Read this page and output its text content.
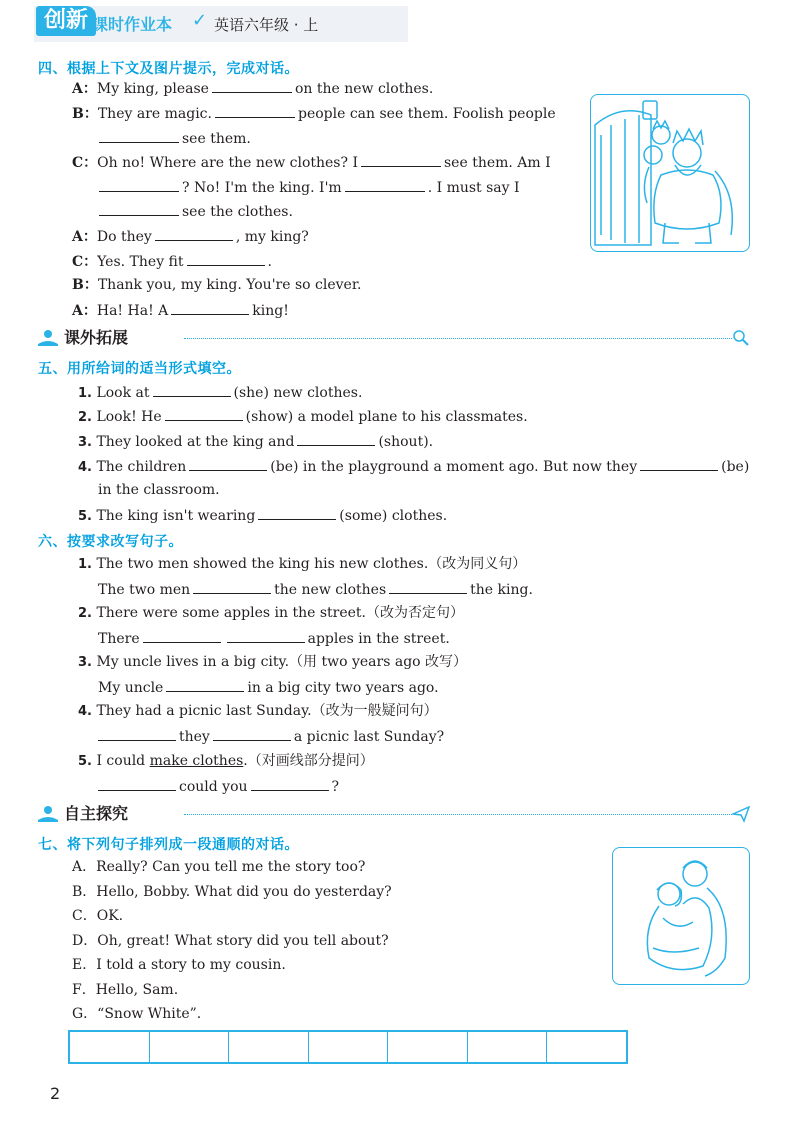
创新 课时作业本 ✓ 英语六年级 · 上
四、根据上下文及图片提示，完成对话。
A：My king, please	on the new clothes.
B：They are magic.	people can see them. Foolish people
see them.
C：Oh no! Where are the new clothes? I	see them. Am I
? No! I'm the king. I'm	. I must say I
see the clothes.
A：Do they	, my king?
C：Yes. They fit	.
B：Thank you, my king. You're so clever.
A：Ha! Ha! A	king!
课外拓展
五、用所给词的适当形式填空。
1. Look at	(she) new clothes.
2. Look! He	(show) a model plane to his classmates.
3. They looked at the king and	(shout).
4. The children	(be) in the playground a moment ago. But now they	(be)
in the classroom.
5. The king isn't wearing	(some) clothes.
六、按要求改写句子。
1. The two men showed the king his new clothes.（改为同义句）
The two men	the new clothes	the king.
2. There were some apples in the street.（改为否定句）
There	apples in the street.
3. My uncle lives in a big city.（用 two years ago 改写）
My uncle	in a big city two years ago.
4. They had a picnic last Sunday.（改为一般疑问句）
they	a picnic last Sunday?
5. I could make clothes.（对画线部分提问）
could you	?
自主探究
七、将下列句子排列成一段通顺的对话。
A．Really? Can you tell me the story too?
B．Hello, Bobby. What did you do yesterday?
C．OK.
D．Oh, great! What story did you tell about?
E．I told a story to my cousin.
F．Hello, Sam.
G．“Snow White”.
2
